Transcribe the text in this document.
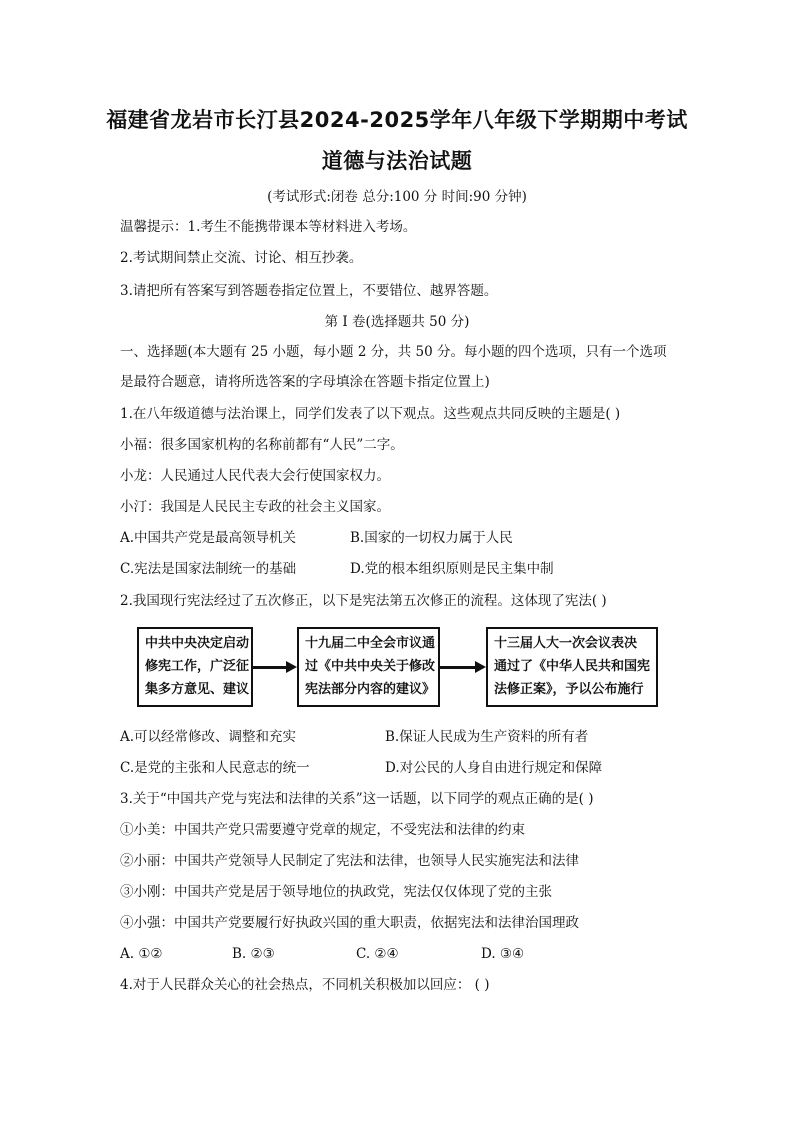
福建省龙岩市长汀县2024-2025学年八年级下学期期中考试
道德与法治试题
(考试形式:闭卷 总分:100 分 时间:90 分钟)
温馨提示：1.考生不能携带课本等材料进入考场。
2.考试期间禁止交流、讨论、相互抄袭。
3.请把所有答案写到答题卷指定位置上，不要错位、越界答题。
第 I 卷(选择题共 50 分)
一、选择题(本大题有 25 小题，每小题 2 分，共 50 分。每小题的四个选项，只有一个选项
是最符合题意，请将所选答案的字母填涂在答题卡指定位置上)
1.在八年级道德与法治课上，同学们发表了以下观点。这些观点共同反映的主题是( )
小福：很多国家机构的名称前都有“人民”二字。
小龙：人民通过人民代表大会行使国家权力。
小汀：我国是人民民主专政的社会主义国家。
A.中国共产党是最高领导机关	B.国家的一切权力属于人民
C.宪法是国家法制统一的基础	D.党的根本组织原则是民主集中制
2.我国现行宪法经过了五次修正，以下是宪法第五次修正的流程。这体现了宪法( )
中共中央决定启动
修宪工作，广泛征
集多方意见、建议
十九届二中全会市议通
过《中共中央关于修改
宪法部分内容的建议》
十三届人大一次会议表决
通过了《中华人民共和国宪
法修正案》，予以公布施行
A.可以经常修改、调整和充实	B.保证人民成为生产资料的所有者
C.是党的主张和人民意志的统一	D.对公民的人身自由进行规定和保障
3.关于“中国共产党与宪法和法律的关系”这一话题，以下同学的观点正确的是( )
①小美：中国共产党只需要遵守党章的规定，不受宪法和法律的约束
②小丽：中国共产党领导人民制定了宪法和法律，也领导人民实施宪法和法律
③小刚：中国共产党是居于领导地位的执政党，宪法仅仅体现了党的主张
④小强：中国共产党要履行好执政兴国的重大职责，依据宪法和法律治国理政
A. ①②	B. ②③	C. ②④	D. ③④
4.对于人民群众关心的社会热点，不同机关积极加以回应： ( )
